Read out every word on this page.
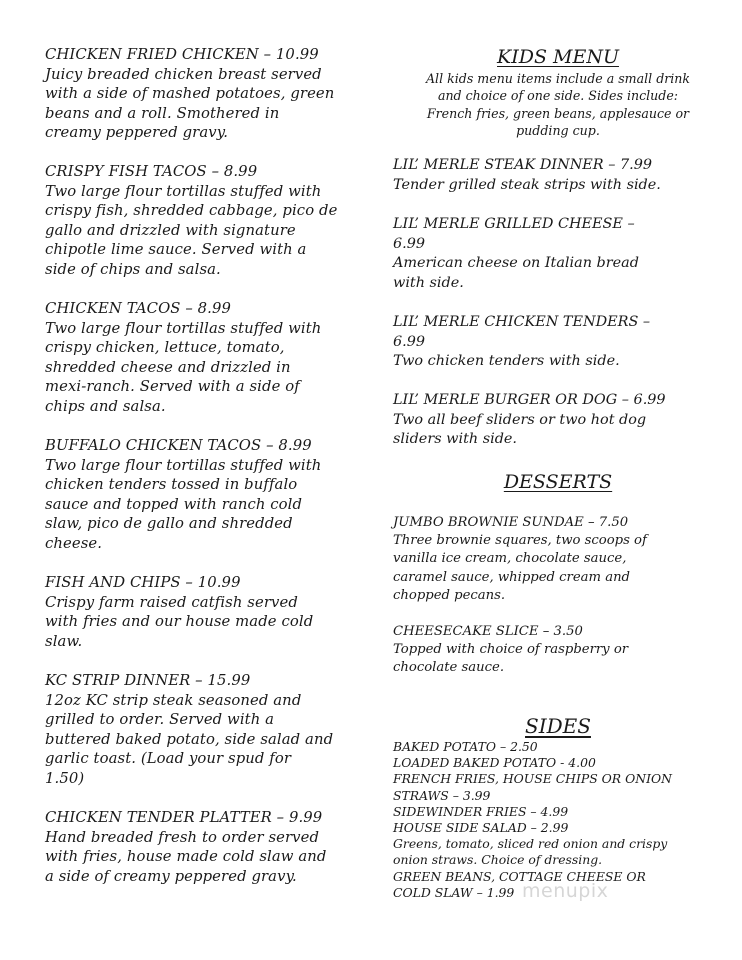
CHICKEN FRIED CHICKEN – 10.99
Juicy breaded chicken breast served
with a side of mashed potatoes, green
beans and a roll. Smothered in
creamy peppered gravy.
CRISPY FISH TACOS – 8.99
Two large flour tortillas stuffed with
crispy fish, shredded cabbage, pico de
gallo and drizzled with signature
chipotle lime sauce. Served with a
side of chips and salsa.
CHICKEN TACOS – 8.99
Two large flour tortillas stuffed with
crispy chicken, lettuce, tomato,
shredded cheese and drizzled in
mexi-ranch. Served with a side of
chips and salsa.
BUFFALO CHICKEN TACOS – 8.99
Two large flour tortillas stuffed with
chicken tenders tossed in buffalo
sauce and topped with ranch cold
slaw, pico de gallo and shredded
cheese.
FISH AND CHIPS – 10.99
Crispy farm raised catfish served
with fries and our house made cold
slaw.
KC STRIP DINNER – 15.99
12oz KC strip steak seasoned and
grilled to order. Served with a
buttered baked potato, side salad and
garlic toast. (Load your spud for
1.50)
CHICKEN TENDER PLATTER – 9.99
Hand breaded fresh to order served
with fries, house made cold slaw and
a side of creamy peppered gravy.
KIDS MENU
All kids menu items include a small drink
and choice of one side. Sides include:
French fries, green beans, applesauce or
pudding cup.
LIL’ MERLE STEAK DINNER – 7.99
Tender grilled steak strips with side.
LIL’ MERLE GRILLED CHEESE –
6.99
American cheese on Italian bread
with side.
LIL’ MERLE CHICKEN TENDERS –
6.99
Two chicken tenders with side.
LIL’ MERLE BURGER OR DOG – 6.99
Two all beef sliders or two hot dog
sliders with side.
DESSERTS
JUMBO BROWNIE SUNDAE – 7.50
Three brownie squares, two scoops of
vanilla ice cream, chocolate sauce,
caramel sauce, whipped cream and
chopped pecans.
CHEESECAKE SLICE – 3.50
Topped with choice of raspberry or
chocolate sauce.
SIDES
BAKED POTATO – 2.50
LOADED BAKED POTATO - 4.00
FRENCH FRIES, HOUSE CHIPS OR ONION
STRAWS – 3.99
SIDEWINDER FRIES – 4.99
HOUSE SIDE SALAD – 2.99
Greens, tomato, sliced red onion and crispy
onion straws. Choice of dressing.
GREEN BEANS, COTTAGE CHEESE OR
COLD SLAW – 1.99 menupix
